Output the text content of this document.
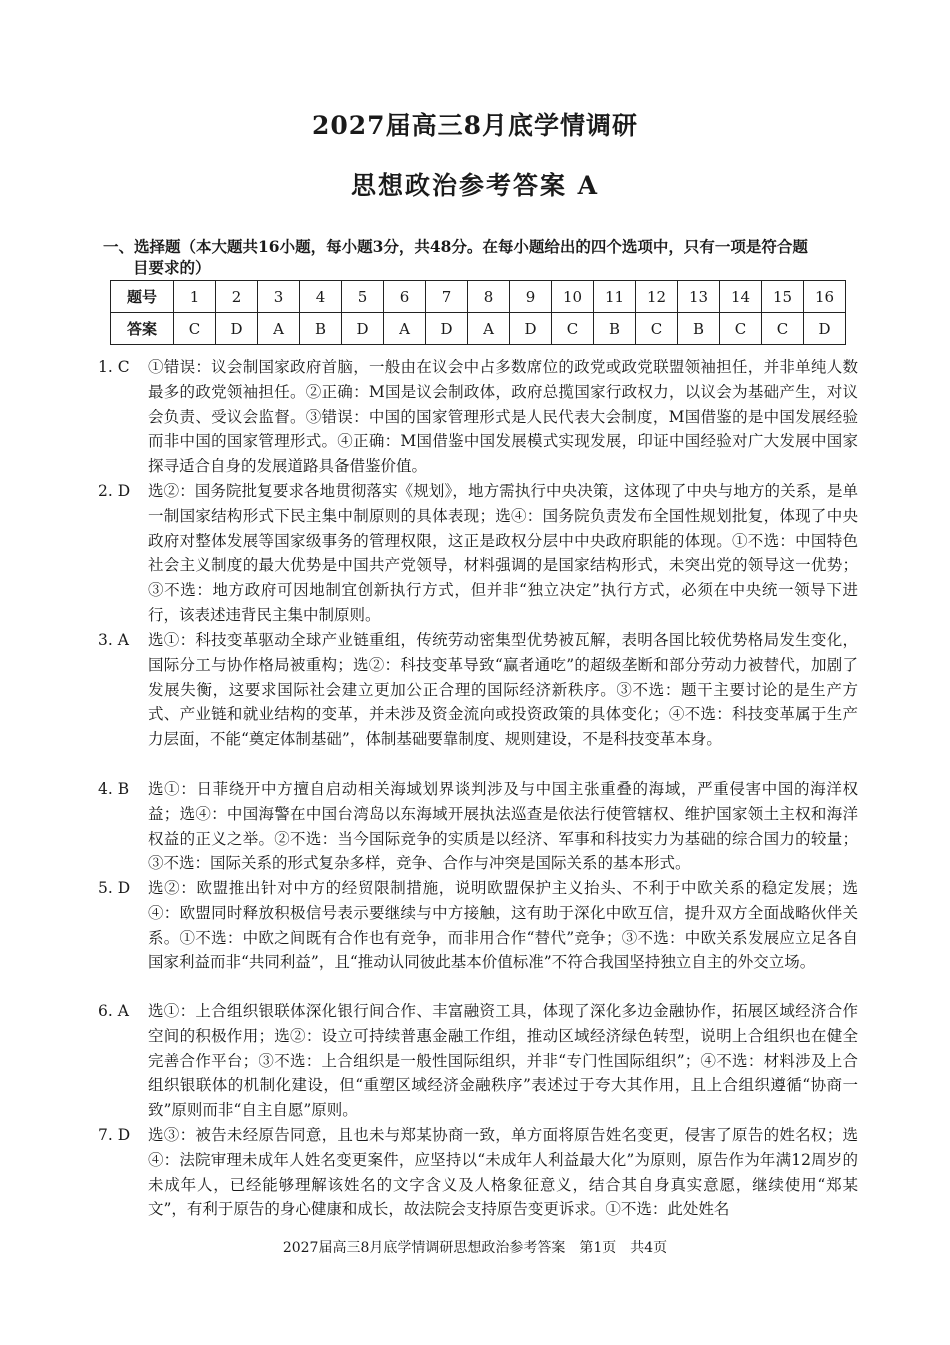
2027届高三8月底学情调研
思想政治参考答案 A
一、选择题（本大题共16小题，每小题3分，共48分。在每小题给出的四个选项中，只有一项是符合题
目要求的）
题号	1	2	3	4	5	6	7	8	9	10	11	12	13	14	15	16
答案	C	D	A	B	D	A	D	A	D	C	B	C	B	C	C	D
1. C ①错误：议会制国家政府首脑，一般由在议会中占多数席位的政党或政党联盟领袖担任，并非单纯人数最多的政党领袖担任。②正确：M国是议会制政体，政府总揽国家行政权力，以议会为基础产生，对议会负责、受议会监督。③错误：中国的国家管理形式是人民代表大会制度，M国借鉴的是中国发展经验而非中国的国家管理形式。④正确：M国借鉴中国发展模式实现发展，印证中国经验对广大发展中国家探寻适合自身的发展道路具备借鉴价值。
2. D 选②：国务院批复要求各地贯彻落实《规划》，地方需执行中央决策，这体现了中央与地方的关系，是单一制国家结构形式下民主集中制原则的具体表现；选④：国务院负责发布全国性规划批复，体现了中央政府对整体发展等国家级事务的管理权限，这正是政权分层中中央政府职能的体现。①不选：中国特色社会主义制度的最大优势是中国共产党领导，材料强调的是国家结构形式，未突出党的领导这一优势；③不选：地方政府可因地制宜创新执行方式，但并非“独立决定”执行方式，必须在中央统一领导下进行，该表述违背民主集中制原则。
3. A 选①：科技变革驱动全球产业链重组，传统劳动密集型优势被瓦解，表明各国比较优势格局发生变化，国际分工与协作格局被重构；选②：科技变革导致“赢者通吃”的超级垄断和部分劳动力被替代，加剧了发展失衡，这要求国际社会建立更加公正合理的国际经济新秩序。③不选：题干主要讨论的是生产方式、产业链和就业结构的变革，并未涉及资金流向或投资政策的具体变化；④不选：科技变革属于生产力层面，不能“奠定体制基础”，体制基础要靠制度、规则建设，不是科技变革本身。
4. B 选①：日菲绕开中方擅自启动相关海域划界谈判涉及与中国主张重叠的海域，严重侵害中国的海洋权益；选④：中国海警在中国台湾岛以东海域开展执法巡查是依法行使管辖权、维护国家领土主权和海洋权益的正义之举。②不选：当今国际竞争的实质是以经济、军事和科技实力为基础的综合国力的较量；③不选：国际关系的形式复杂多样，竞争、合作与冲突是国际关系的基本形式。
5. D 选②：欧盟推出针对中方的经贸限制措施，说明欧盟保护主义抬头、不利于中欧关系的稳定发展；选④：欧盟同时释放积极信号表示要继续与中方接触，这有助于深化中欧互信，提升双方全面战略伙伴关系。①不选：中欧之间既有合作也有竞争，而非用合作“替代”竞争；③不选：中欧关系发展应立足各自国家利益而非“共同利益”，且“推动认同彼此基本价值标准”不符合我国坚持独立自主的外交立场。
6. A 选①：上合组织银联体深化银行间合作、丰富融资工具，体现了深化多边金融协作，拓展区域经济合作空间的积极作用；选②：设立可持续普惠金融工作组，推动区域经济绿色转型，说明上合组织也在健全完善合作平台；③不选：上合组织是一般性国际组织，并非“专门性国际组织”；④不选：材料涉及上合组织银联体的机制化建设，但“重塑区域经济金融秩序”表述过于夸大其作用，且上合组织遵循“协商一致”原则而非“自主自愿”原则。
7. D 选③：被告未经原告同意，且也未与郑某协商一致，单方面将原告姓名变更，侵害了原告的姓名权；选④：法院审理未成年人姓名变更案件，应坚持以“未成年人利益最大化”为原则，原告作为年满12周岁的未成年人，已经能够理解该姓名的文字含义及人格象征意义，结合其自身真实意愿，继续使用“郑某文”，有利于原告的身心健康和成长，故法院会支持原告变更诉求。①不选：此处姓名
2027届高三8月底学情调研思想政治参考答案　第1页　共4页
